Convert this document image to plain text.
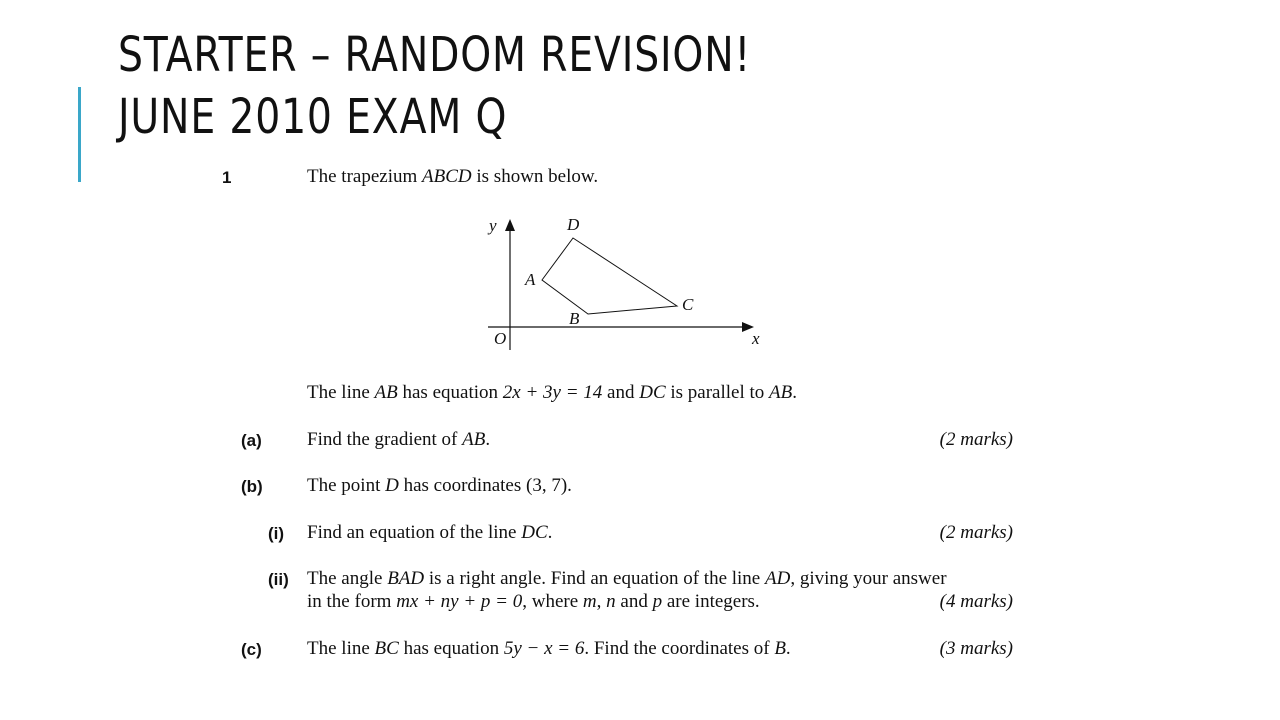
STARTER – RANDOM REVISION!
JUNE 2010 EXAM Q
1	The trapezium ABCD is shown below.
y
x
O
A
B
C
D
The line AB has equation 2x + 3y = 14 and DC is parallel to AB.
(a) Find the gradient of AB.	(2 marks)
(b) The point D has coordinates (3, 7).
(i) Find an equation of the line DC.	(2 marks)
(ii) The angle BAD is a right angle. Find an equation of the line AD, giving your answer
in the form mx + ny + p = 0, where m, n and p are integers.	(4 marks)
(c) The line BC has equation 5y − x = 6. Find the coordinates of B.	(3 marks)
